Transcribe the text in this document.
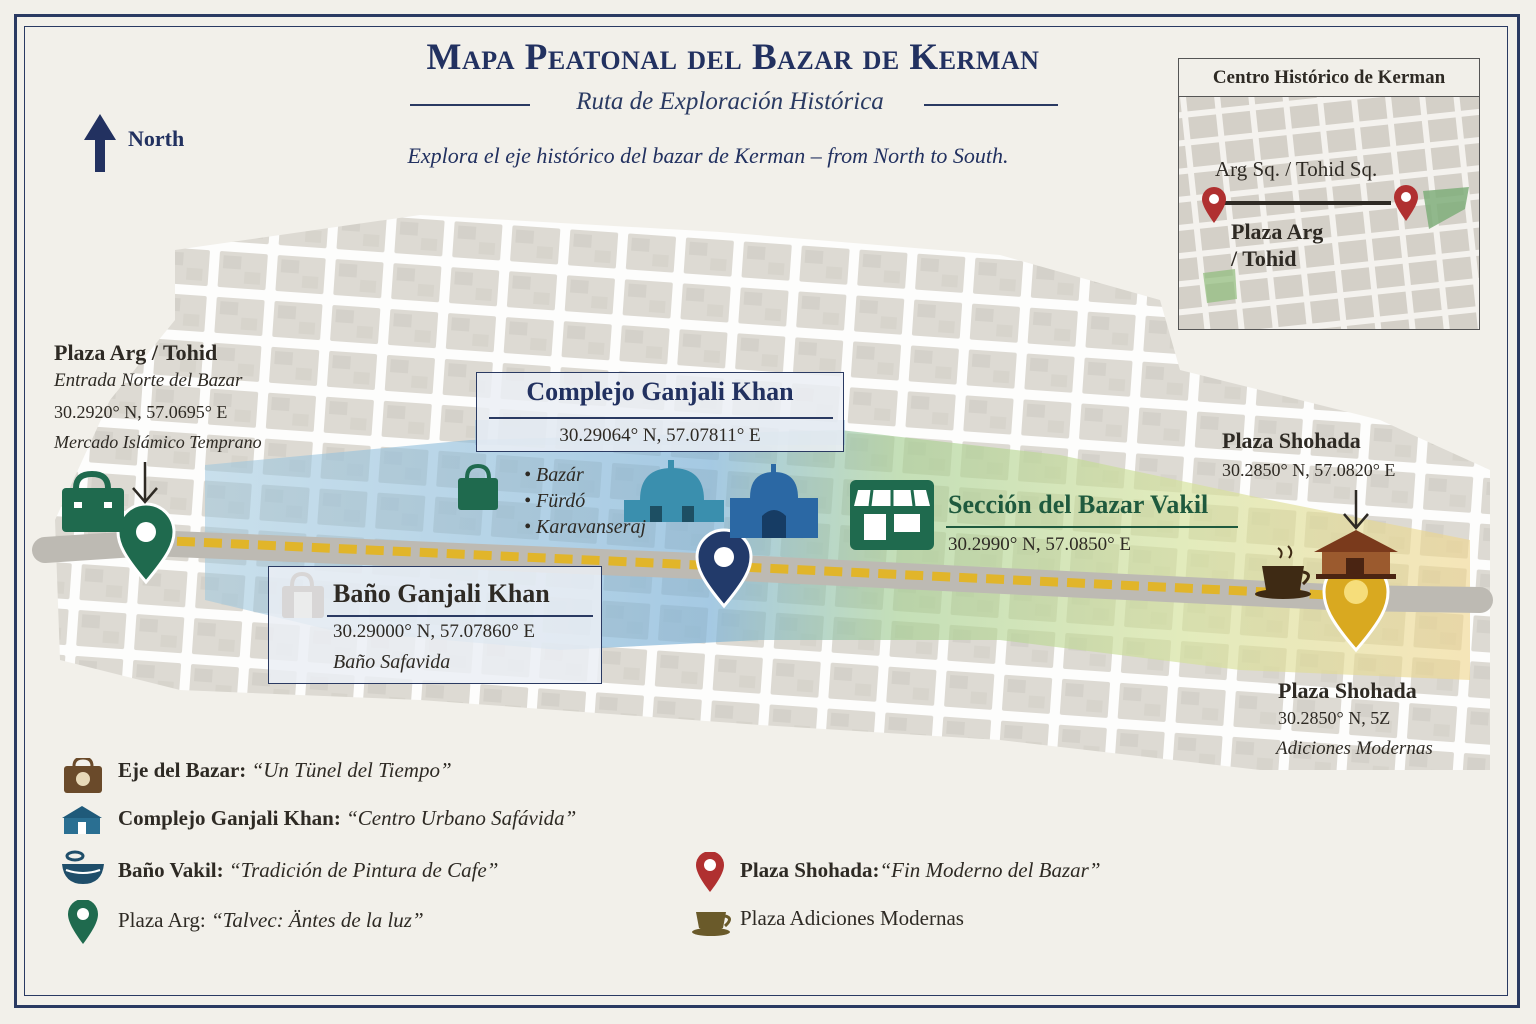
Mapa Peatonal del Bazar de Kerman
Ruta de Exploración Histórica
Explora el eje histórico del bazar de Kerman – from North to South.
North
Centro Histórico de Kerman
Arg Sq. / Tohid Sq.
Plaza Arg
/ Tohid
Plaza Arg / Tohid
Entrada Norte del Bazar
30.2920° N, 57.0695° E
Mercado Islámico Temprano
Complejo Ganjali Khan
30.29064° N, 57.07811° E
• Bazár
• Fürdó
• Karavanseraj
Baño Ganjali Khan
30.29000° N, 57.07860° E
Baño Safavida
Sección del Bazar Vakil
30.2990° N, 57.0850° E
Plaza Shohada
30.2850° N, 57.0820° E
Plaza Shohada
30.2850° N, 5Z
Adiciones Modernas
Eje del Bazar: “Un Tünel del Tiempo”
Complejo Ganjali Khan: “Centro Urbano Safávida”
Baño Vakil: “Tradición de Pintura de Cafe”
Plaza Arg: “Talvec: Äntes de la luz”
Plaza Shohada:“Fin Moderno del Bazar”
Plaza Adiciones Modernas
